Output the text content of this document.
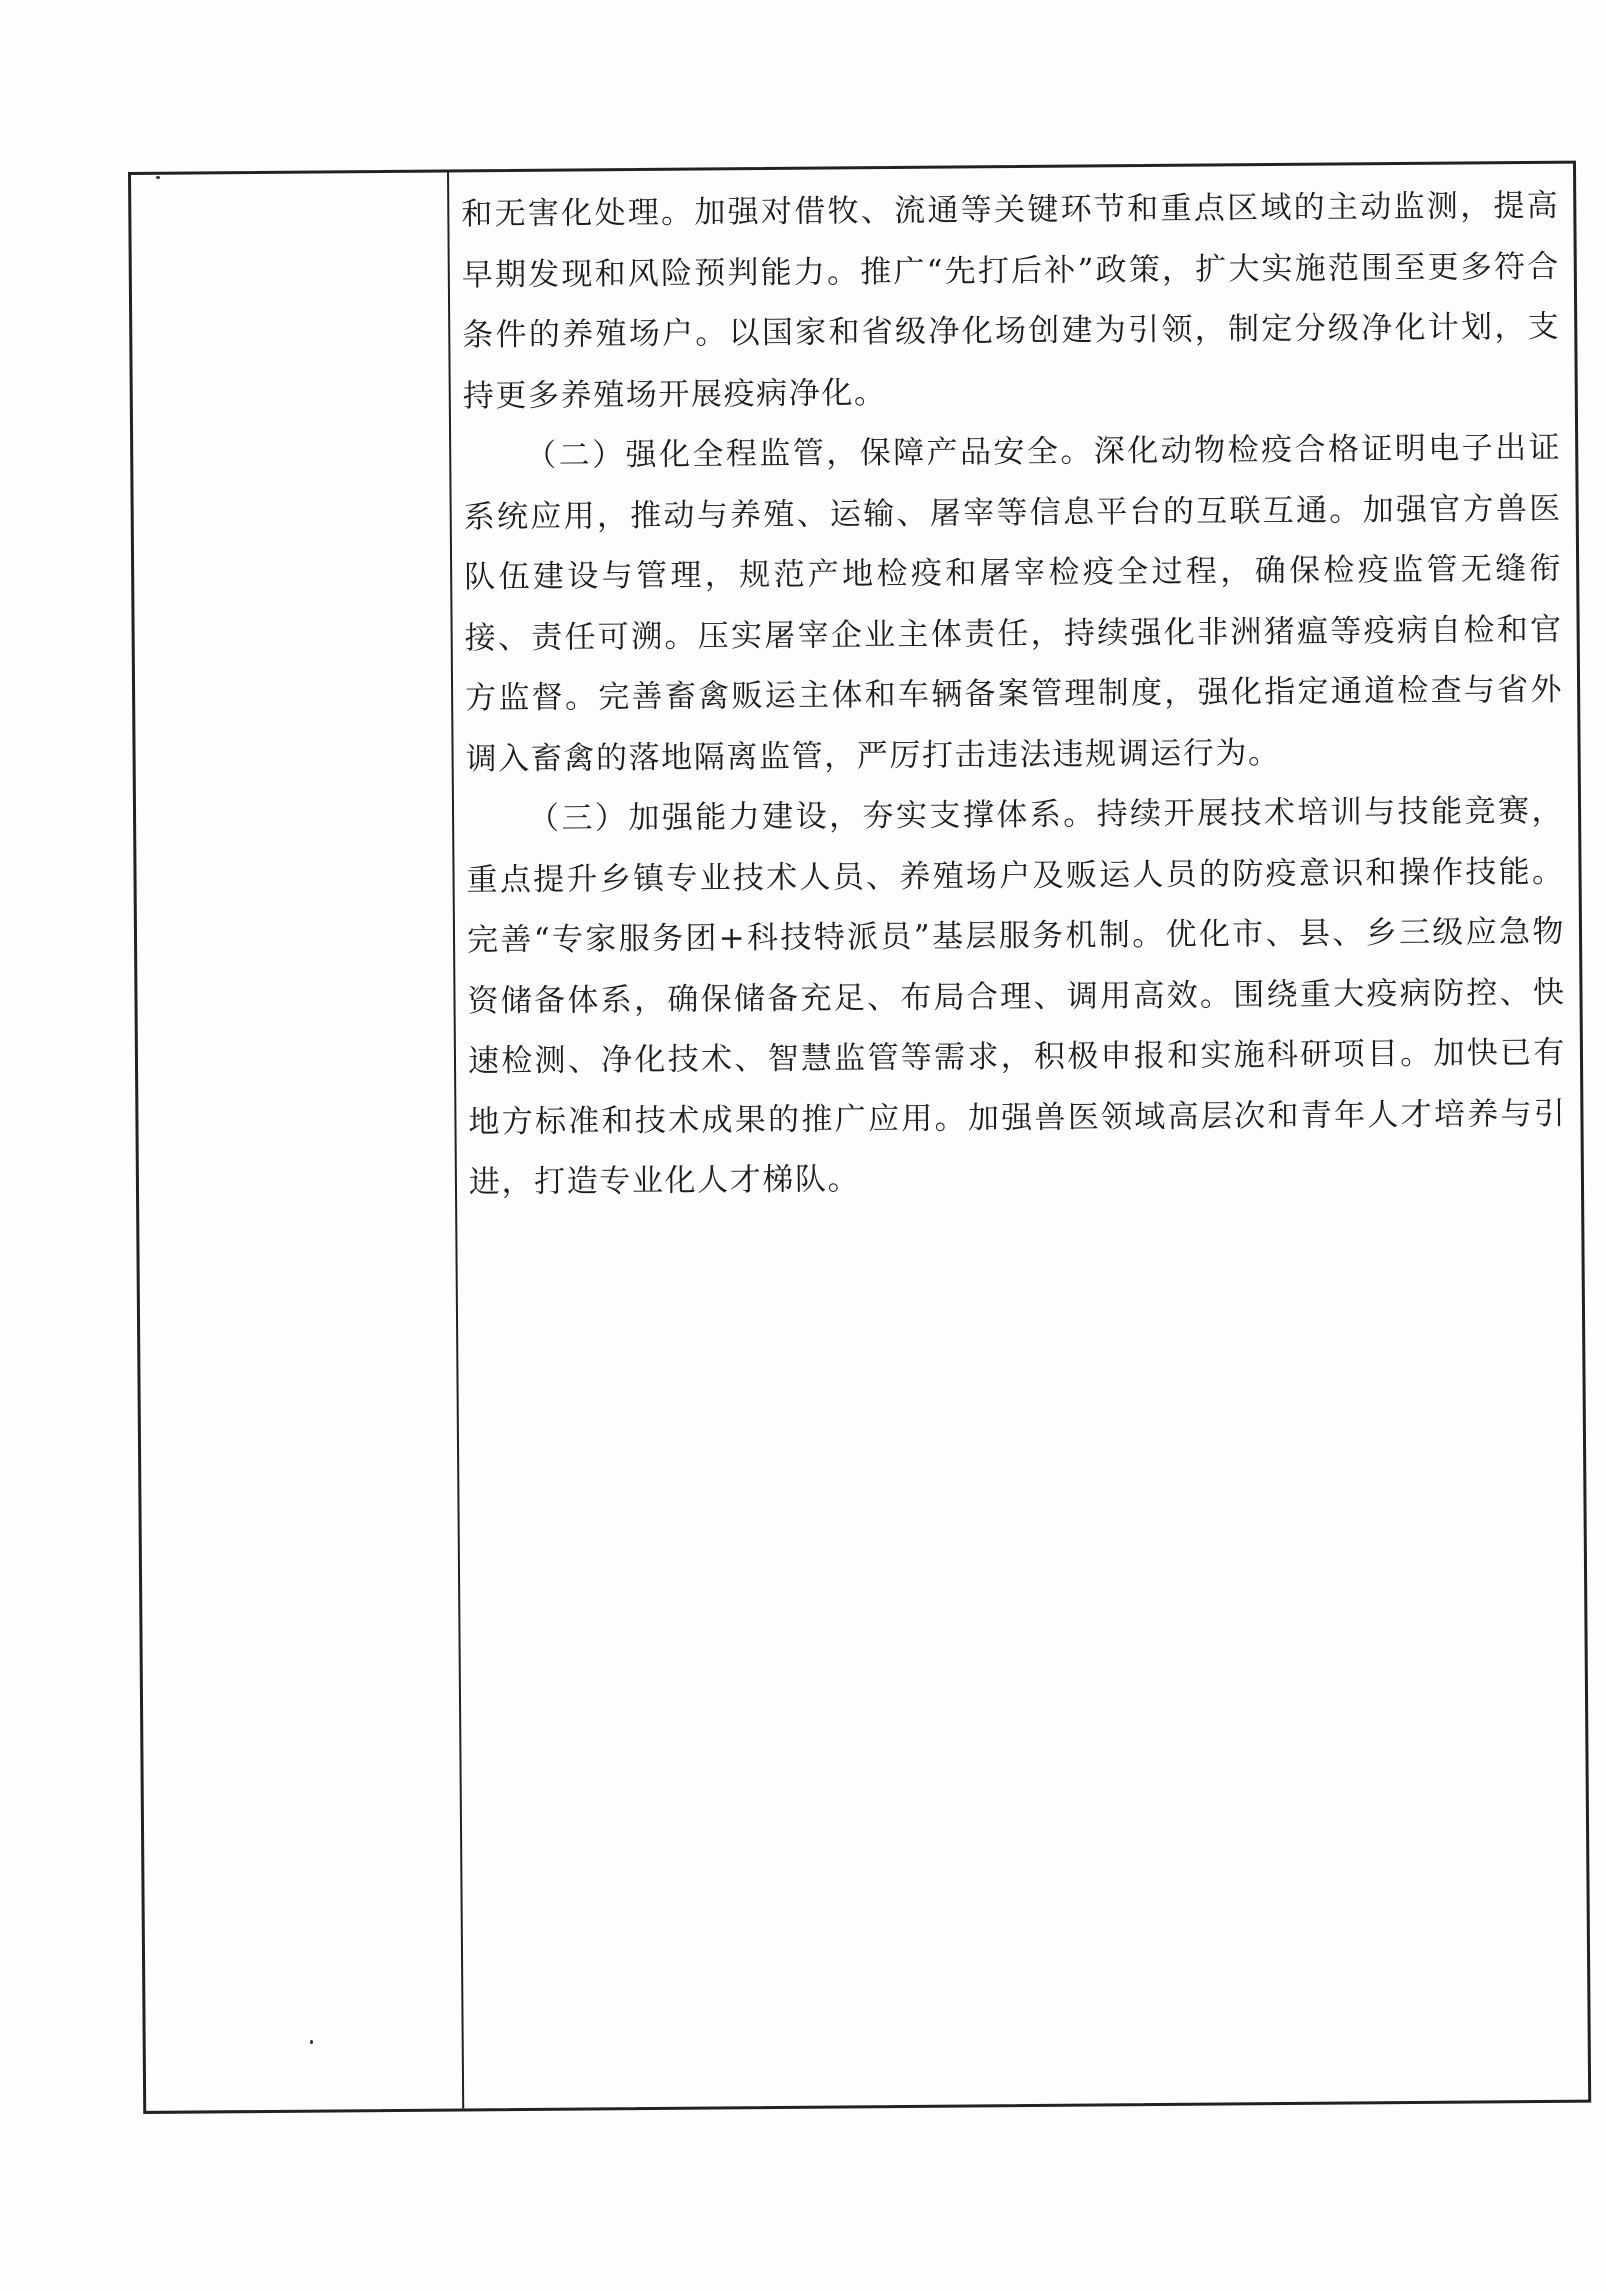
和无害化处理。加强对借牧、流通等关键环节和重点区域的主动监测，提高早期发现和风险预判能力。推广“先打后补”政策，扩大实施范围至更多符合条件的养殖场户。以国家和省级净化场创建为引领，制定分级净化计划，支持更多养殖场开展疫病净化。

（二）强化全程监管，保障产品安全。深化动物检疫合格证明电子出证系统应用，推动与养殖、运输、屠宰等信息平台的互联互通。加强官方兽医队伍建设与管理，规范产地检疫和屠宰检疫全过程，确保检疫监管无缝衔接、责任可溯。压实屠宰企业主体责任，持续强化非洲猪瘟等疫病自检和官方监督。完善畜禽贩运主体和车辆备案管理制度，强化指定通道检查与省外调入畜禽的落地隔离监管，严厉打击违法违规调运行为。

（三）加强能力建设，夯实支撑体系。持续开展技术培训与技能竞赛，重点提升乡镇专业技术人员、养殖场户及贩运人员的防疫意识和操作技能。完善“专家服务团+科技特派员”基层服务机制。优化市、县、乡三级应急物资储备体系，确保储备充足、布局合理、调用高效。围绕重大疫病防控、快速检测、净化技术、智慧监管等需求，积极申报和实施科研项目。加快已有地方标准和技术成果的推广应用。加强兽医领域高层次和青年人才培养与引进，打造专业化人才梯队。
